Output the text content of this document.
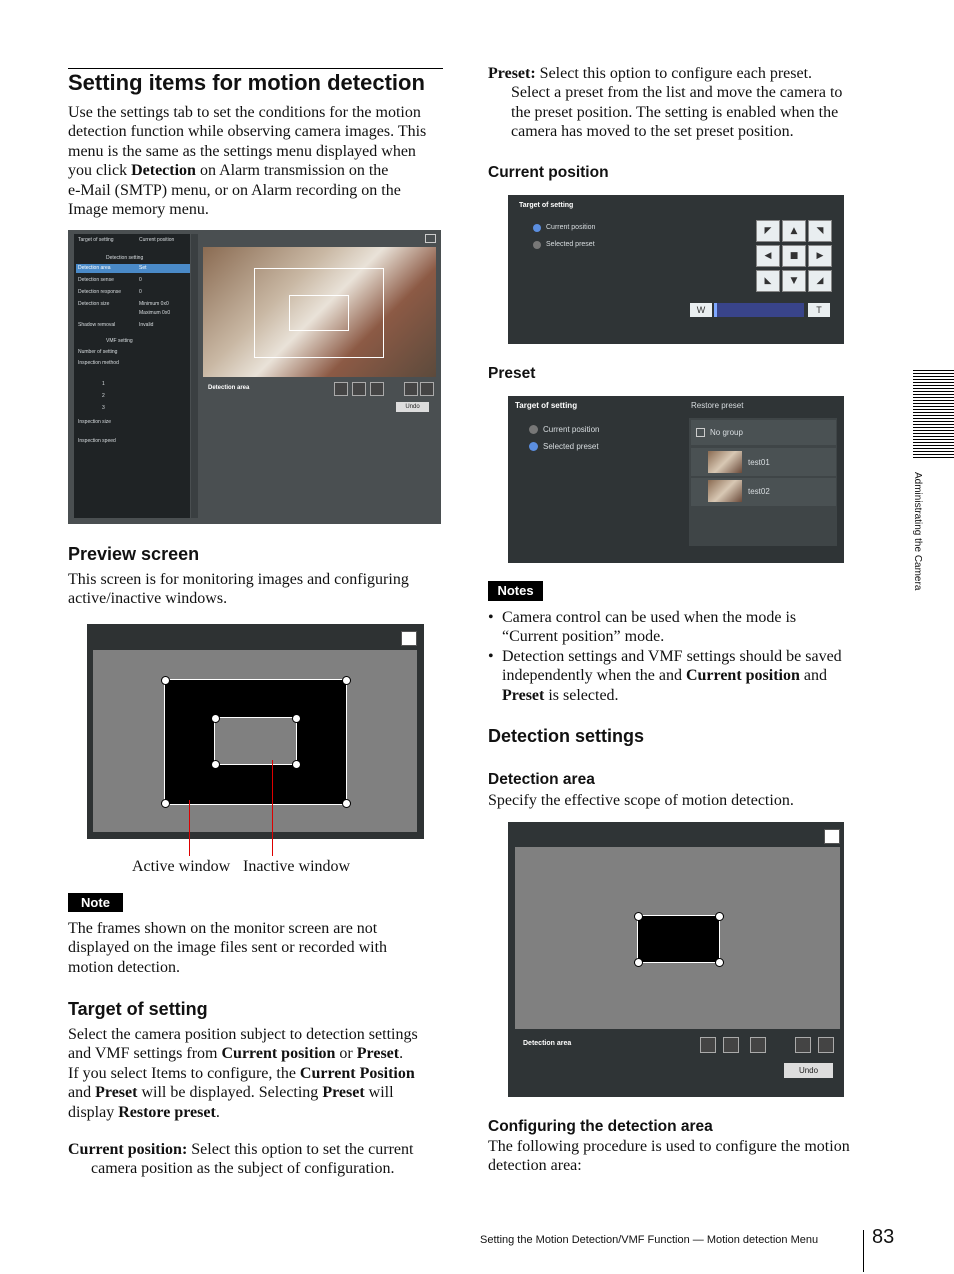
Setting items for motion detection
Use the settings tab to set the conditions for the motion
detection function while observing camera images. This
menu is the same as the settings menu displayed when
you click Detection on Alarm transmission on the
e-Mail (SMTP) menu, or on Alarm recording on the
Image memory menu.
Target of setting	Current position
Detection setting
Detection area	Set
Detection sense	0
Detection response	0
Detection size	Minimum 0x0
Maximum 0x0
Shadow removal	Invalid
VMF setting
Number of setting
Inspection method
1
2
3
Inspection size
Inspection speed
Detection area
Undo
Preview screen
This screen is for monitoring images and configuring
active/inactive windows.
Active window Inactive window
Note
The frames shown on the monitor screen are not
displayed on the image files sent or recorded with
motion detection.
Target of setting
Select the camera position subject to detection settings
and VMF settings from Current position or Preset.
If you select Items to configure, the Current Position
and Preset will be displayed. Selecting Preset will
display Restore preset.
Current position: Select this option to set the current
camera position as the subject of configuration.
Preset: Select this option to configure each preset.
Select a preset from the list and move the camera to
the preset position. The setting is enabled when the
camera has moved to the set preset position.
Current position
Target of setting
Current position
Selected preset
◤	▲	◥
◀	■	▶
◣	▼	◢
W	T
Preset
Target of setting	Restore preset
Current position
Selected preset
No group
test01
test02
Notes
• Camera control can be used when the mode is
“Current position” mode.
• Detection settings and VMF settings should be saved
independently when the and Current position and
Preset is selected.
Detection settings
Detection area
Specify the effective scope of motion detection.
Detection area
Undo
Configuring the detection area
The following procedure is used to configure the motion
detection area:
Administrating the Camera
Setting the Motion Detection/VMF Function — Motion detection Menu	83
